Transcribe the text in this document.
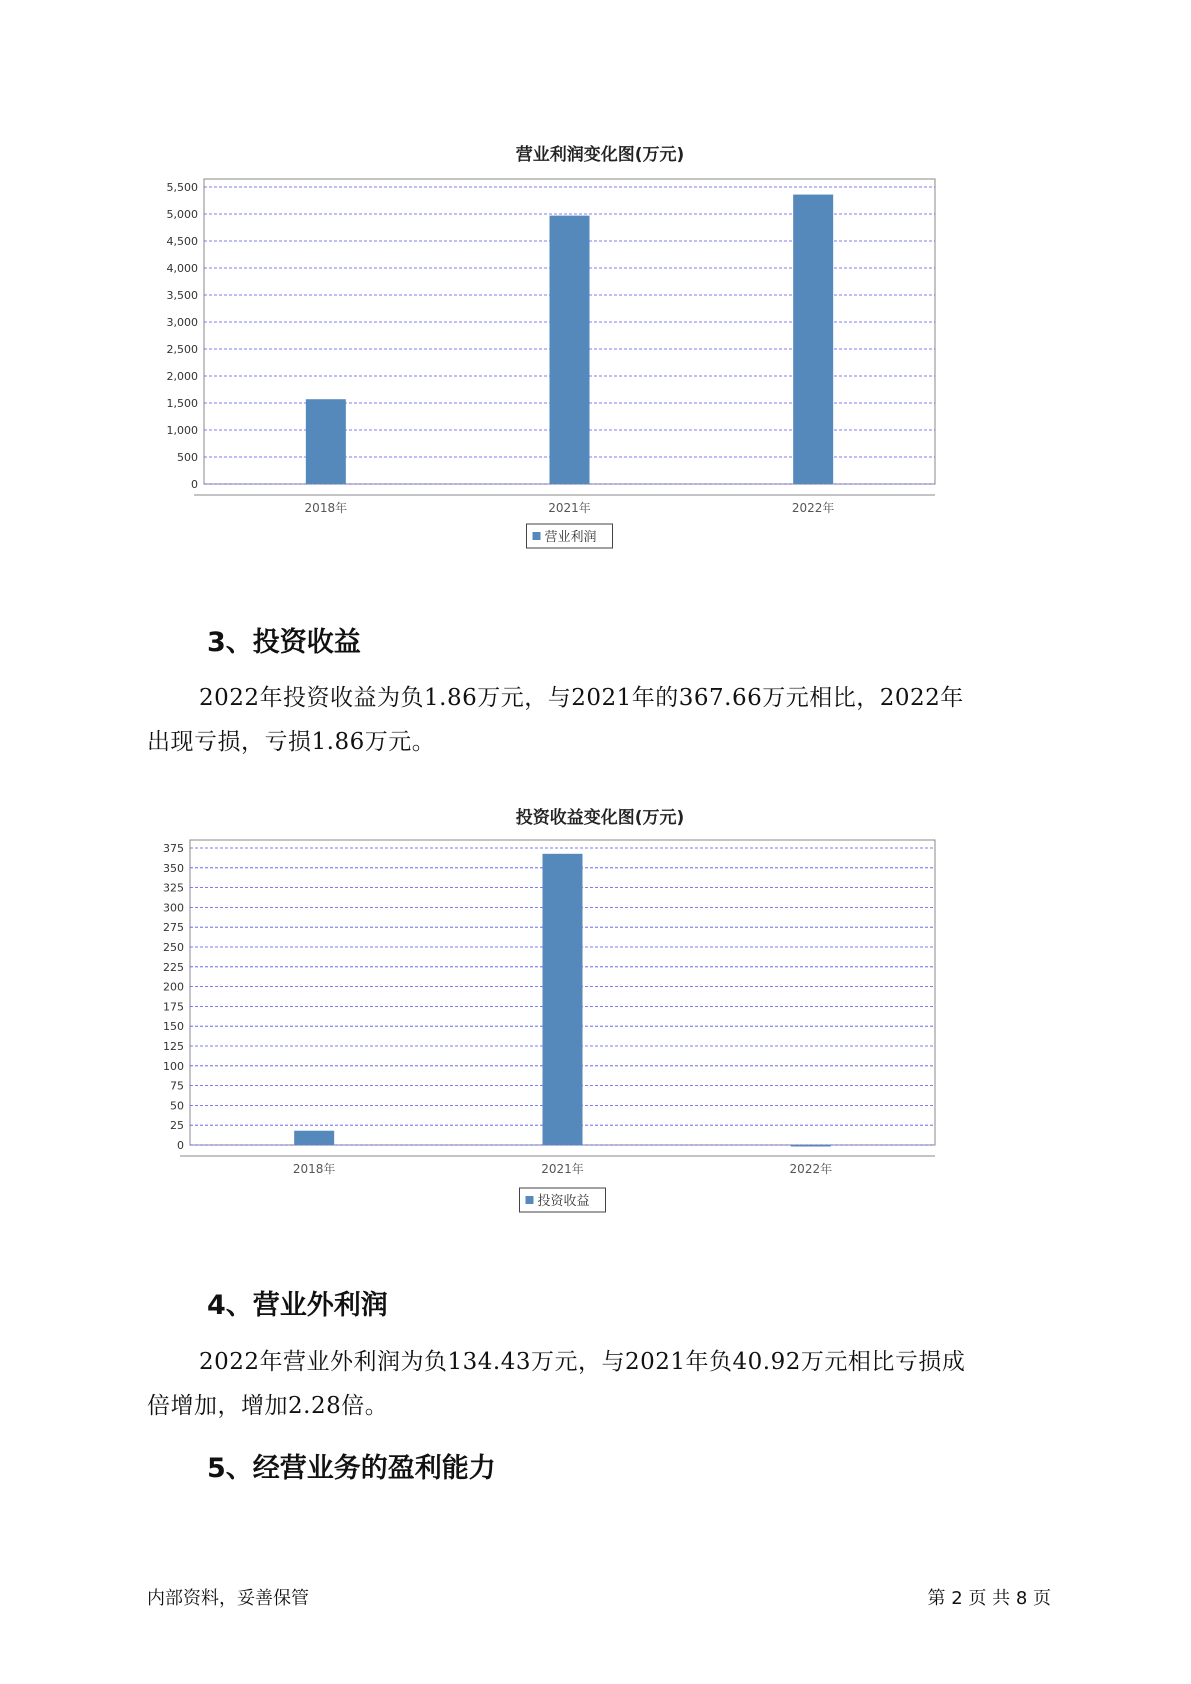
营业利润变化图(万元)
0
500
1,000
1,500
2,000
2,500
3,000
3,500
4,000
4,500
5,000
5,500
2018年	2021年	2022年
营业利润
3、投资收益
2022年投资收益为负1.86万元，与2021年的367.66万元相比，2022年
出现亏损，亏损1.86万元。
投资收益变化图(万元)
0
25
50
75
100
125
150
175
200
225
250
275
300
325
350
375
2018年	2021年	2022年
投资收益
4、营业外利润
2022年营业外利润为负134.43万元，与2021年负40.92万元相比亏损成
倍增加，增加2.28倍。
5、经营业务的盈利能力
内部资料，妥善保管	第 2 页 共 8 页
